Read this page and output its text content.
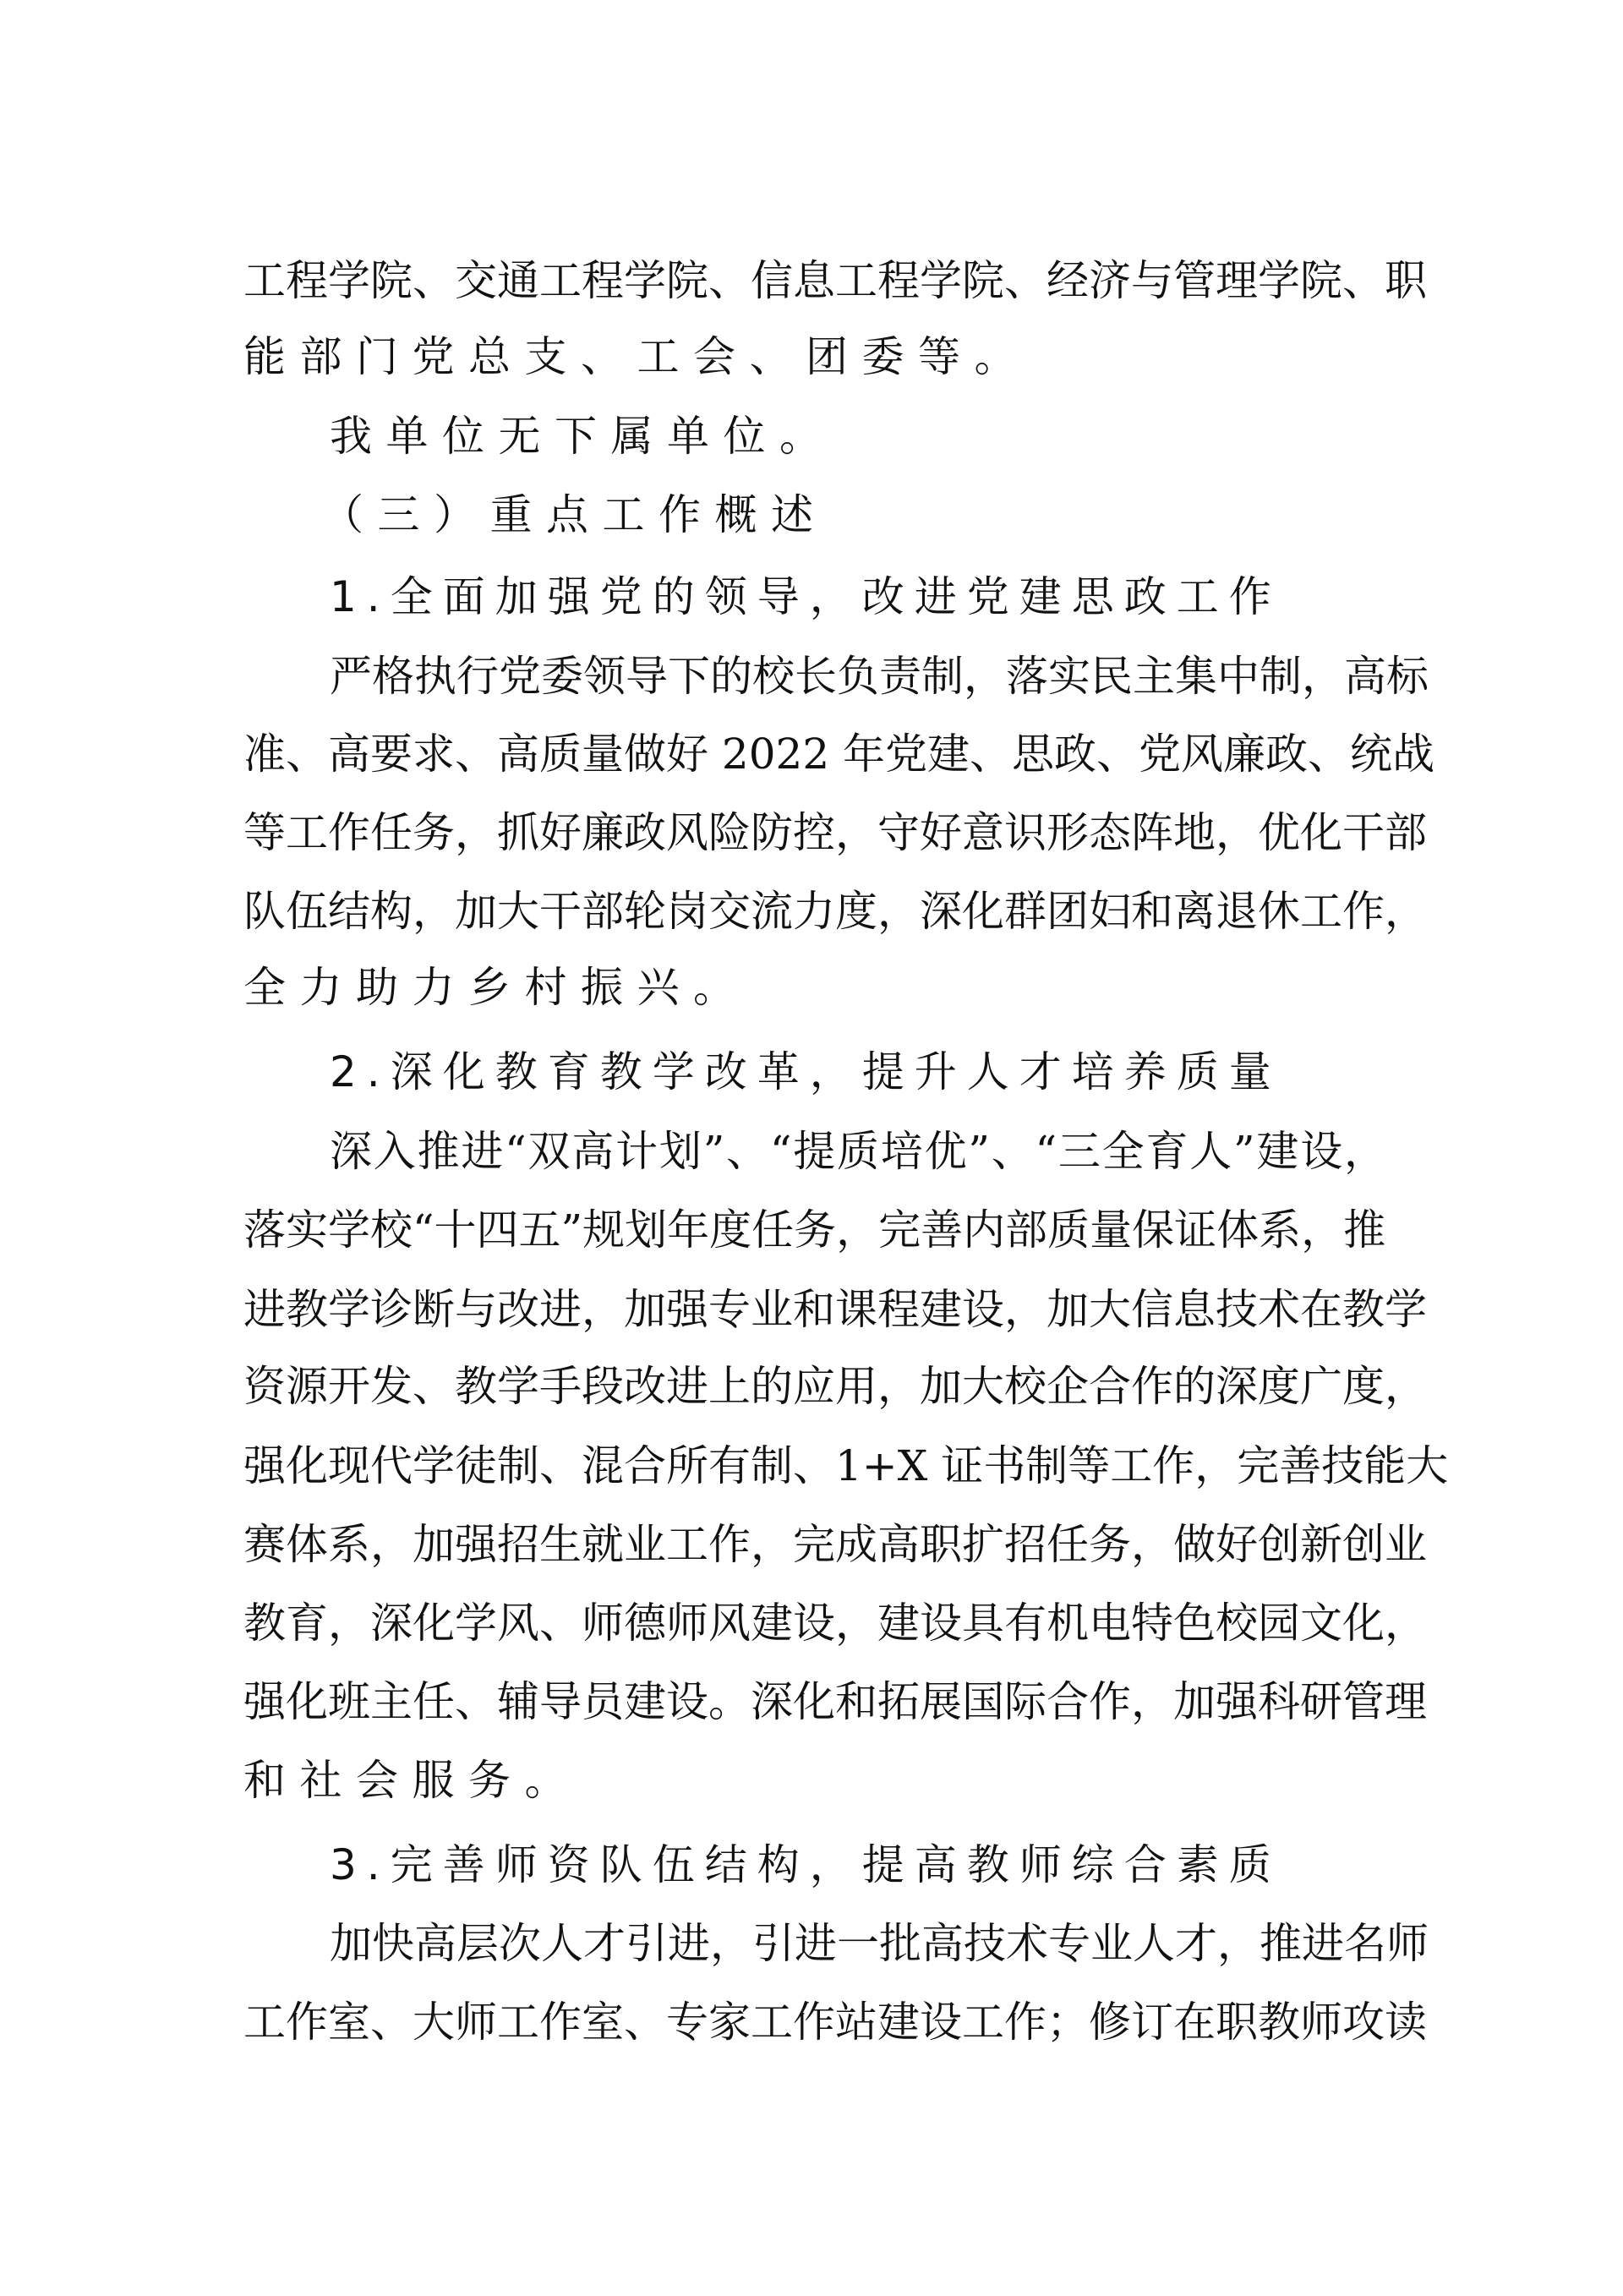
工程学院、交通工程学院、信息工程学院、经济与管理学院、职
能部门党总支、工会、团委等。
我单位无下属单位。
（三）重点工作概述
1.全面加强党的领导，改进党建思政工作
严格执行党委领导下的校长负责制，落实民主集中制，高标
准、高要求、高质量做好 2022 年党建、思政、党风廉政、统战
等工作任务，抓好廉政风险防控，守好意识形态阵地，优化干部
队伍结构，加大干部轮岗交流力度，深化群团妇和离退休工作，
全力助力乡村振兴。
2.深化教育教学改革，提升人才培养质量
深入推进“双高计划”、“提质培优”、“三全育人”建设，
落实学校“十四五”规划年度任务，完善内部质量保证体系，推
进教学诊断与改进，加强专业和课程建设，加大信息技术在教学
资源开发、教学手段改进上的应用，加大校企合作的深度广度，
强化现代学徒制、混合所有制、1+X 证书制等工作，完善技能大
赛体系，加强招生就业工作，完成高职扩招任务，做好创新创业
教育，深化学风、师德师风建设，建设具有机电特色校园文化，
强化班主任、辅导员建设。深化和拓展国际合作，加强科研管理
和社会服务。
3.完善师资队伍结构，提高教师综合素质
加快高层次人才引进，引进一批高技术专业人才，推进名师
工作室、大师工作室、专家工作站建设工作；修订在职教师攻读
